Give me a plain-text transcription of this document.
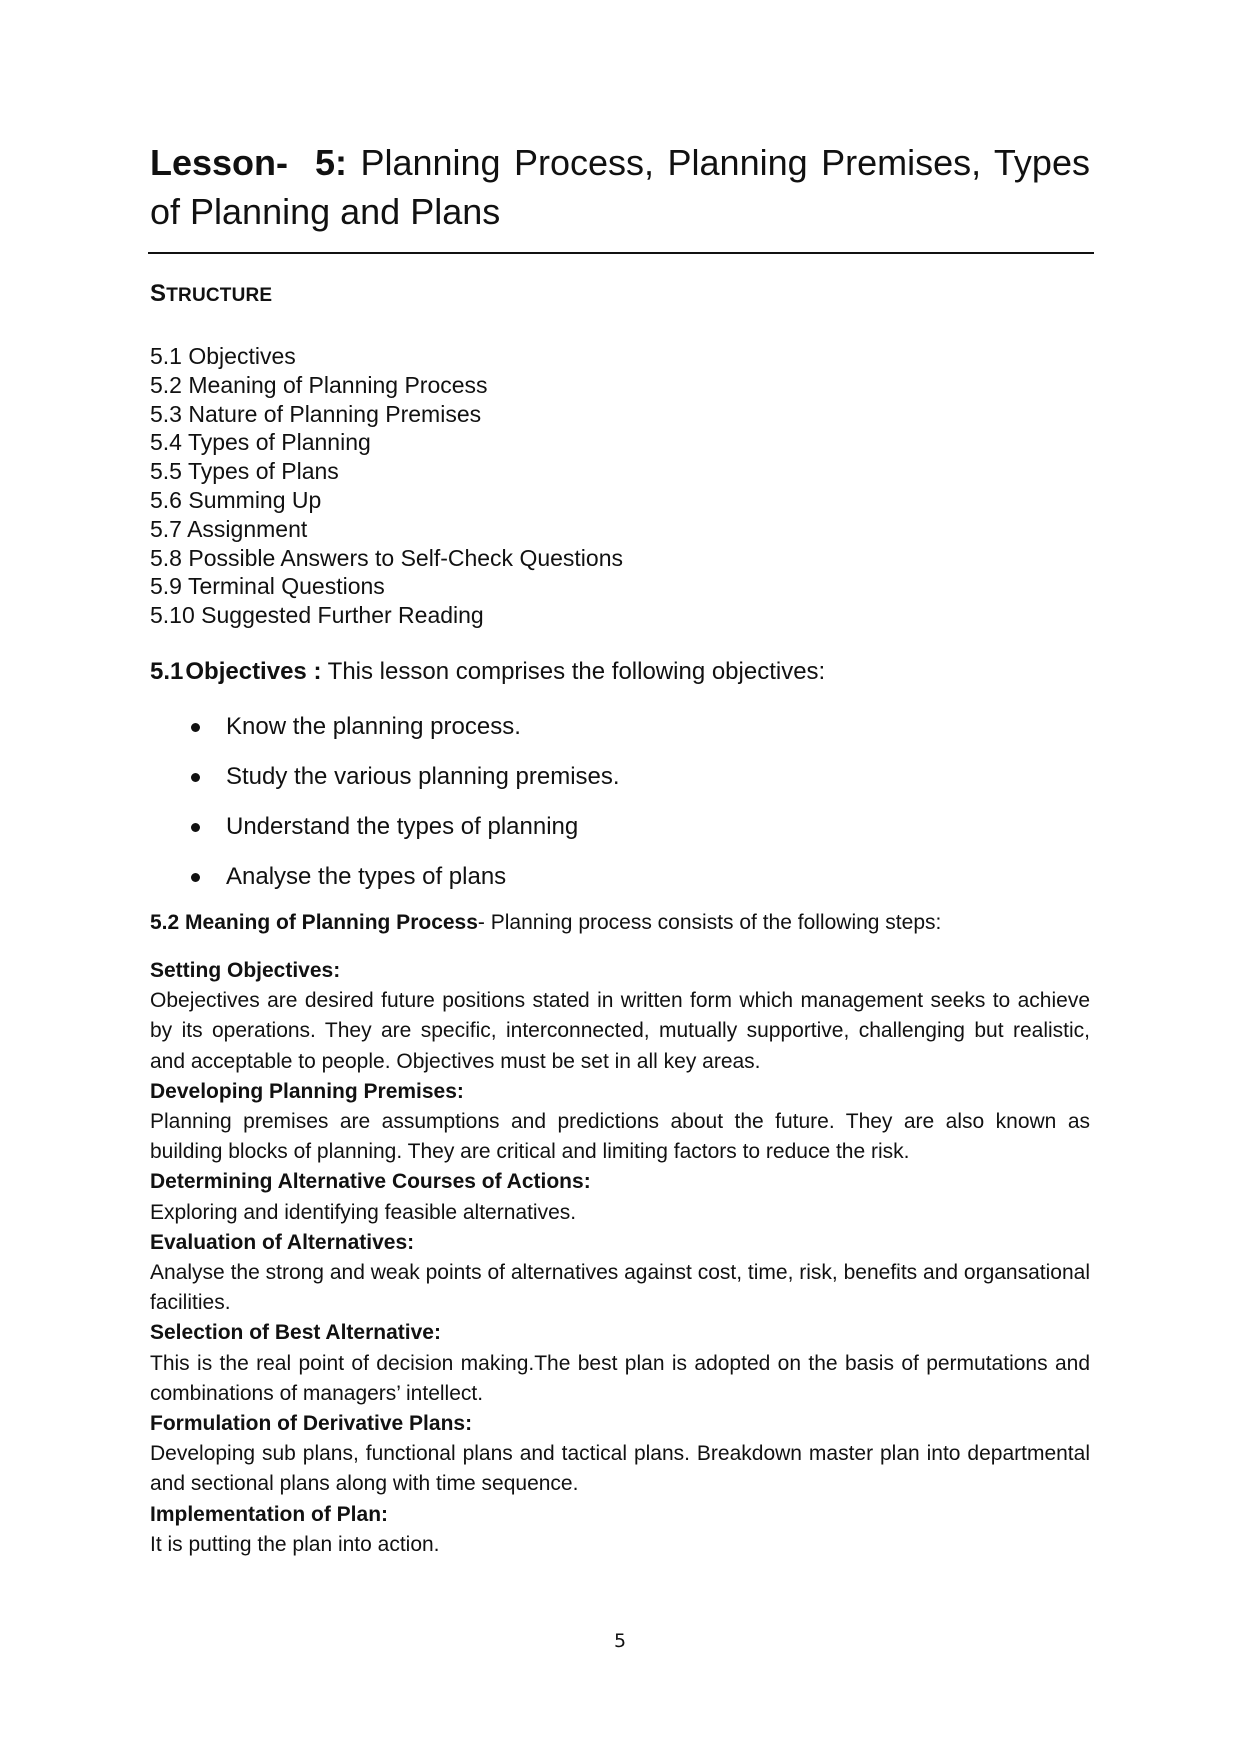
Lesson- 5: Planning Process, Planning Premises, Types of Planning and Plans
STRUCTURE
5.1 Objectives
5.2 Meaning of Planning Process
5.3 Nature of Planning Premises
5.4 Types of Planning
5.5 Types of Plans
5.6 Summing Up
5.7 Assignment
5.8 Possible Answers to Self-Check Questions
5.9 Terminal Questions
5.10 Suggested Further Reading

5.1Objectives : This lesson comprises the following objectives:

Know the planning process.
Study the various planning premises.
Understand the types of planning
Analyse the types of plans

5.2 Meaning of Planning Process- Planning process consists of the following steps:

Setting Objectives:

Obejectives are desired future positions stated in written form which management seeks to achieve by its operations. They are specific, interconnected, mutually supportive, challenging but realistic, and acceptable to people. Objectives must be set in all key areas.

Developing Planning Premises:

Planning premises are assumptions and predictions about the future. They are also known as building blocks of planning. They are critical and limiting factors to reduce the risk.

Determining Alternative Courses of Actions:

Exploring and identifying feasible alternatives.

Evaluation of Alternatives:

Analyse the strong and weak points of alternatives against cost, time, risk, benefits and organsational facilities.

Selection of Best Alternative:

This is the real point of decision making.The best plan is adopted on the basis of permutations and combinations of managers’ intellect.

Formulation of Derivative Plans:

Developing sub plans, functional plans and tactical plans. Breakdown master plan into departmental and sectional plans along with time sequence.

Implementation of Plan:

It is putting the plan into action.

5
